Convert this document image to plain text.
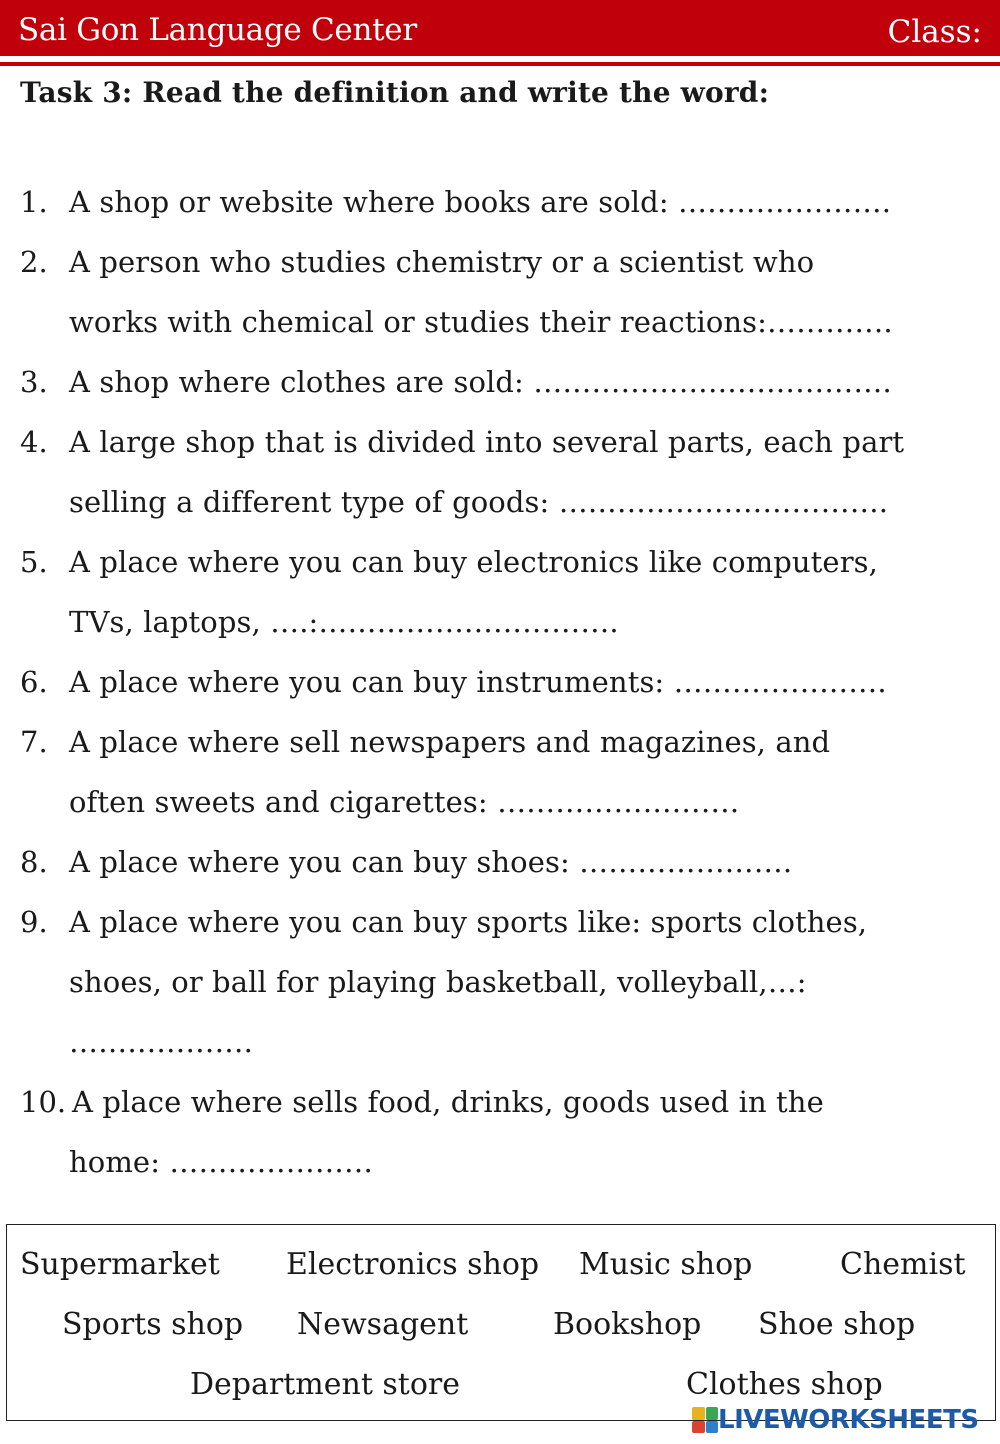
Sai Gon Language Center	Class:
Task 3: Read the definition and write the word:
1. A shop or website where books are sold: ………………….
2. A person who studies chemistry or a scientist who
works with chemical or studies their reactions:………….
3. A shop where clothes are sold: ……………………………….
4. A large shop that is divided into several parts, each part
selling a different type of goods: …………………………….
5. A place where you can buy electronics like computers,
TVs, laptops, ….:………………………….
6. A place where you can buy instruments: ………………….
7. A place where sell newspapers and magazines, and
often sweets and cigarettes: …………………….
8. A place where you can buy shoes: ………………….
9. A place where you can buy sports like: sports clothes,
shoes, or ball for playing basketball, volleyball,…:
……………….
10. A place where sells food, drinks, goods used in the
home: …………………
Supermarket Electronics shop Music shop	Chemist
Sports shop Newsagent	Bookshop Shoe shop
Department store	Clothes shop
LIVEWORKSHEETS
